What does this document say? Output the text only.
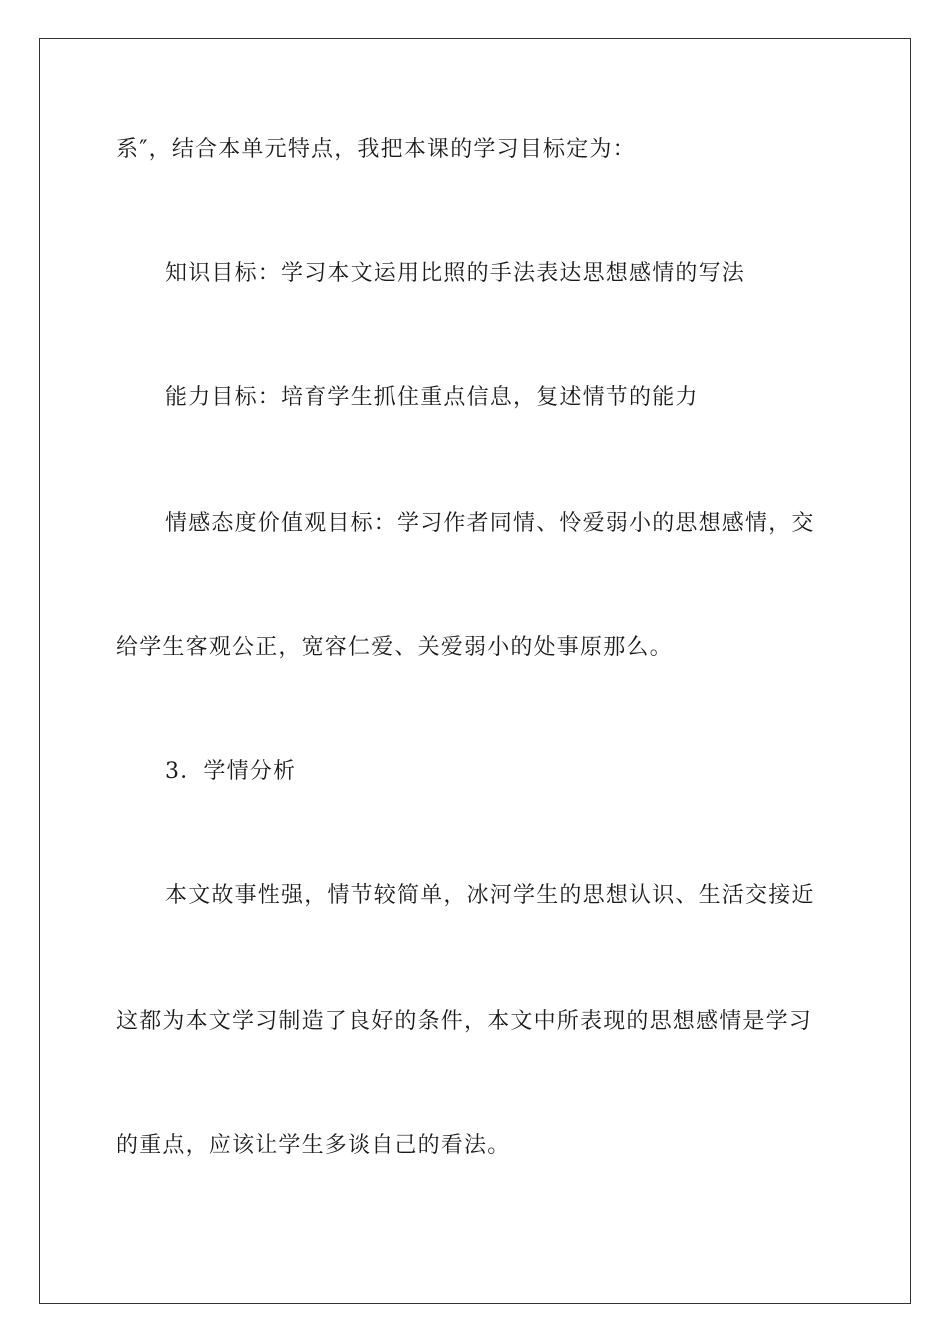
系″，结合本单元特点，我把本课的学习目标定为：
知识目标：学习本文运用比照的手法表达思想感情的写法
能力目标：培育学生抓住重点信息，复述情节的能力
情感态度价值观目标：学习作者同情、怜爱弱小的思想感情，交
给学生客观公正，宽容仁爱、关爱弱小的处事原那么。
3．学情分析
本文故事性强，情节较简单，冰河学生的思想认识、生活交接近
这都为本文学习制造了良好的条件，本文中所表现的思想感情是学习
的重点，应该让学生多谈自己的看法。
